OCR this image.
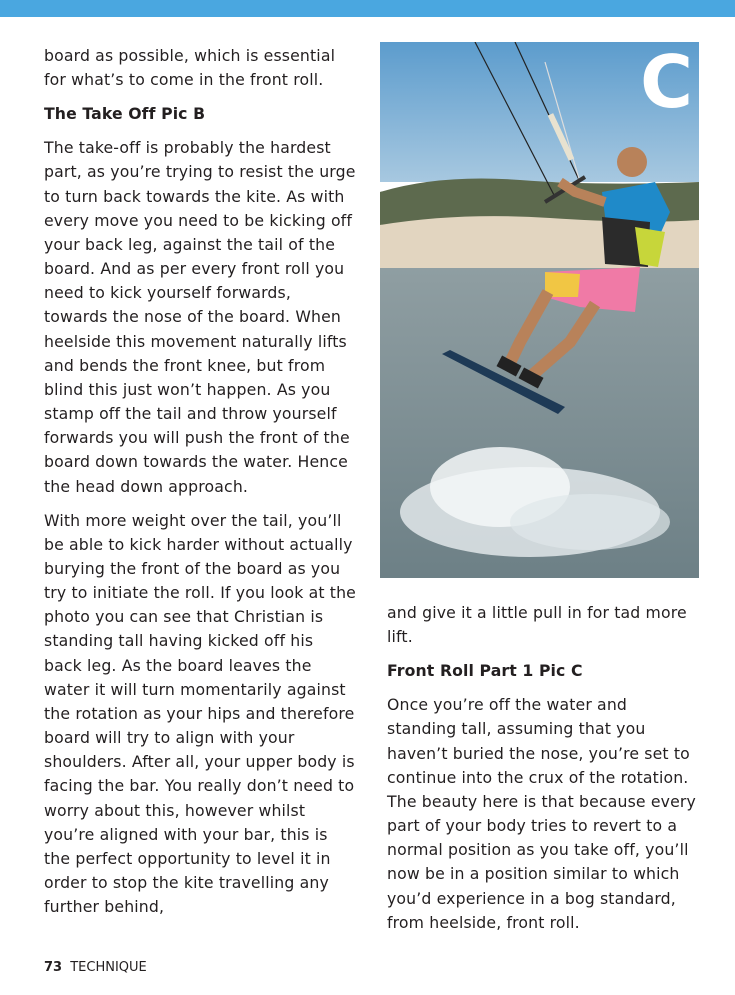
board as possible, which is essential for what’s to come in the front roll.

The Take Off Pic B

The take-off is probably the hardest part, as you’re trying to resist the urge to turn back towards the kite. As with every move you need to be kicking off your back leg, against the tail of the board. And as per every front roll you need to kick yourself forwards, towards the nose of the board. When heelside this movement naturally lifts and bends the front knee, but from blind this just won’t happen. As you stamp off the tail and throw yourself forwards you will push the front of the board down towards the water. Hence the head down approach.

With more weight over the tail, you’ll be able to kick harder without actually burying the front of the board as you try to initiate the roll. If you look at the photo you can see that Christian is standing tall having kicked off his back leg. As the board leaves the water it will turn momentarily against the rotation as your hips and therefore board will try to align with your shoulders. After all, your upper body is facing the bar. You really don’t need to worry about this, however whilst you’re aligned with your bar, this is the perfect opportunity to level it in order to stop the kite travelling any further behind,

C

and give it a little pull in for tad more lift.

Front Roll Part 1 Pic C

Once you’re off the water and standing tall, assuming that you haven’t buried the nose, you’re set to continue into the crux of the rotation. The beauty here is that because every part of your body tries to revert to a normal position as you take off, you’ll now be in a position similar to which you’d experience in a bog standard, from heelside, front roll.

73 TECHNIQUE
